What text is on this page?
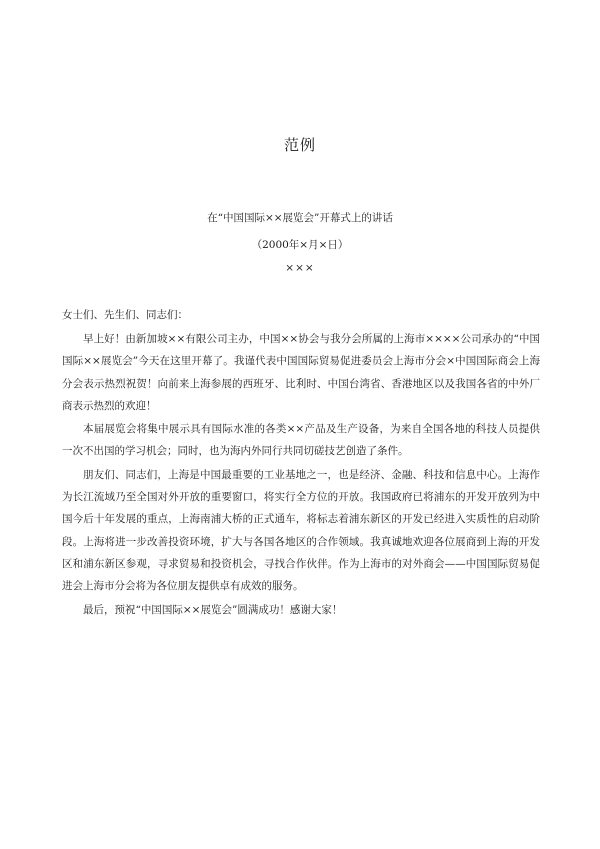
范例
在“中国国际××展览会”开幕式上的讲话
（2000年×月×日）
×××
女士们、先生们、同志们：

早上好！由新加坡××有限公司主办，中国××协会与我分会所属的上海市××××公司承办的“中国国际××展览会”今天在这里开幕了。我谨代表中国国际贸易促进委员会上海市分会×中国国际商会上海分会表示热烈祝贺！向前来上海参展的西班牙、比利时、中国台湾省、香港地区以及我国各省的中外厂商表示热烈的欢迎！

本届展览会将集中展示具有国际水准的各类××产品及生产设备，为来自全国各地的科技人员提供一次不出国的学习机会；同时，也为海内外同行共同切磋技艺创造了条件。

朋友们、同志们，上海是中国最重要的工业基地之一，也是经济、金融、科技和信息中心。上海作为长江流域乃至全国对外开放的重要窗口，将实行全方位的开放。我国政府已将浦东的开发开放列为中国今后十年发展的重点，上海南浦大桥的正式通车，将标志着浦东新区的开发已经进入实质性的启动阶段。上海将进一步改善投资环境，扩大与各国各地区的合作领域。我真诚地欢迎各位展商到上海的开发区和浦东新区参观，寻求贸易和投资机会，寻找合作伙伴。作为上海市的对外商会——中国国际贸易促进会上海市分会将为各位朋友提供卓有成效的服务。

最后，预祝“中国国际××展览会”圆满成功！感谢大家！
